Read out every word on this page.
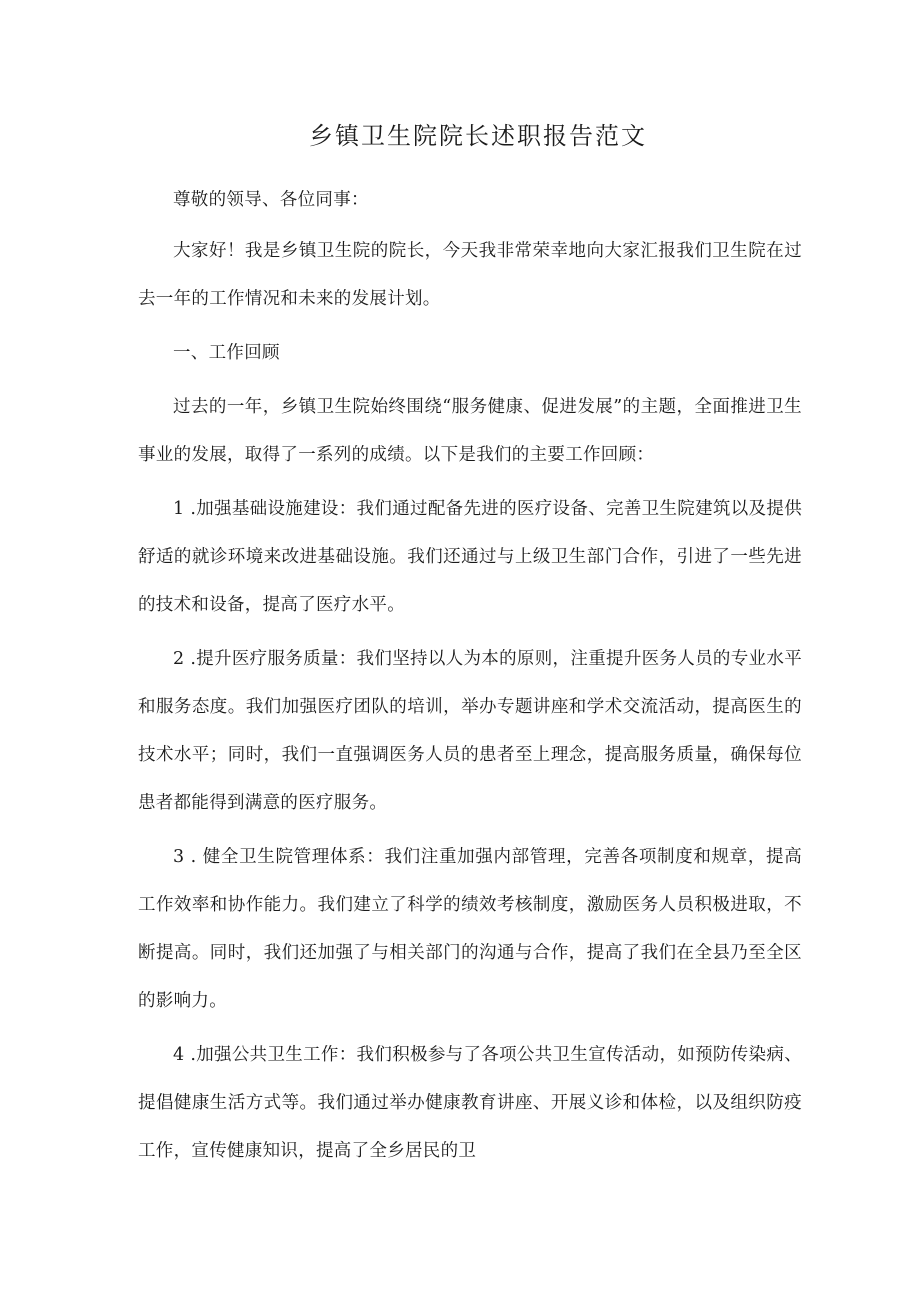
乡镇卫生院院长述职报告范文

尊敬的领导、各位同事：

大家好！我是乡镇卫生院的院长，今天我非常荣幸地向大家汇报我们卫生院在过去一年的工作情况和未来的发展计划。

一、工作回顾

过去的一年，乡镇卫生院始终围绕“服务健康、促进发展”的主题，全面推进卫生事业的发展，取得了一系列的成绩。以下是我们的主要工作回顾：

1 .加强基础设施建设：我们通过配备先进的医疗设备、完善卫生院建筑以及提供舒适的就诊环境来改进基础设施。我们还通过与上级卫生部门合作，引进了一些先进的技术和设备，提高了医疗水平。

2 .提升医疗服务质量：我们坚持以人为本的原则，注重提升医务人员的专业水平和服务态度。我们加强医疗团队的培训，举办专题讲座和学术交流活动，提高医生的技术水平；同时，我们一直强调医务人员的患者至上理念，提高服务质量，确保每位患者都能得到满意的医疗服务。

3 . 健全卫生院管理体系：我们注重加强内部管理，完善各项制度和规章，提高工作效率和协作能力。我们建立了科学的绩效考核制度，激励医务人员积极进取，不断提高。同时，我们还加强了与相关部门的沟通与合作，提高了我们在全县乃至全区的影响力。

4 .加强公共卫生工作：我们积极参与了各项公共卫生宣传活动，如预防传染病、提倡健康生活方式等。我们通过举办健康教育讲座、开展义诊和体检，以及组织防疫工作，宣传健康知识，提高了全乡居民的卫
